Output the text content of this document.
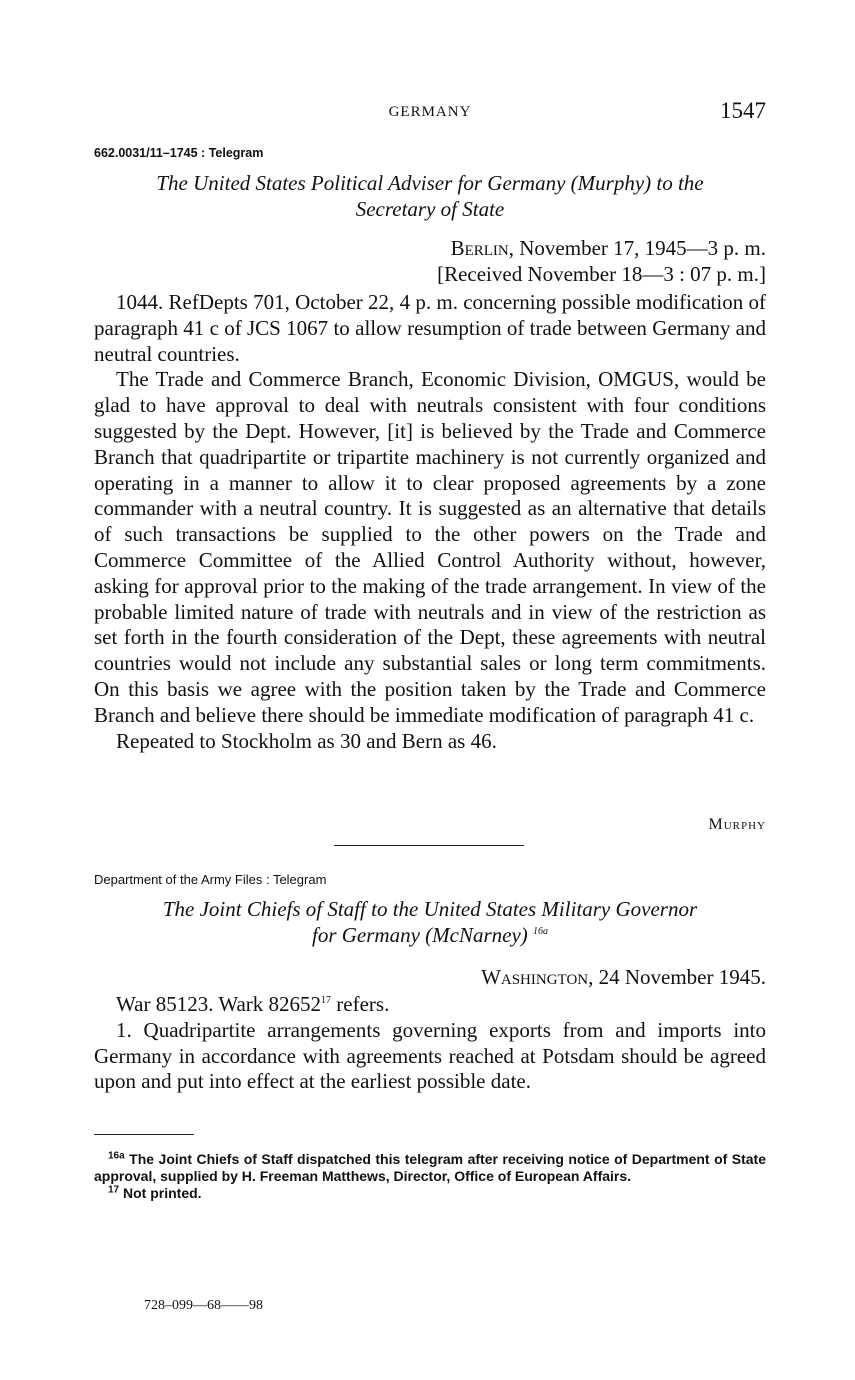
GERMANY	1547
662.0031/11–1745 : Telegram
The United States Political Adviser for Germany (Murphy) to the
Secretary of State
Berlin, November 17, 1945—3 p. m.
[Received November 18—3 : 07 p. m.]

1044. RefDepts 701, October 22, 4 p. m. concerning possible modification of paragraph 41 c of JCS 1067 to allow resumption of trade between Germany and neutral countries.

The Trade and Commerce Branch, Economic Division, OMGUS, would be glad to have approval to deal with neutrals consistent with four conditions suggested by the Dept. However, [it] is believed by the Trade and Commerce Branch that quadripartite or tripartite machinery is not currently organized and operating in a manner to allow it to clear proposed agreements by a zone commander with a neutral country. It is suggested as an alternative that details of such transactions be supplied to the other powers on the Trade and Commerce Committee of the Allied Control Authority without, however, asking for approval prior to the making of the trade arrangement. In view of the probable limited nature of trade with neutrals and in view of the restriction as set forth in the fourth consideration of the Dept, these agreements with neutral countries would not include any substantial sales or long term commitments. On this basis we agree with the position taken by the Trade and Commerce Branch and believe there should be immediate modification of paragraph 41 c.

Repeated to Stockholm as 30 and Bern as 46.

Murphy
Department of the Army Files : Telegram
The Joint Chiefs of Staff to the United States Military Governor
for Germany (McNarney) $^{16a}$
Washington, 24 November 1945.

War 85123. Wark 82652$^{17}$ refers.

1. Quadripartite arrangements governing exports from and imports into Germany in accordance with agreements reached at Potsdam should be agreed upon and put into effect at the earliest possible date.

$^{16a}$ The Joint Chiefs of Staff dispatched this telegram after receiving notice of Department of State approval, supplied by H. Freeman Matthews, Director, Office of European Affairs.

$^{17}$ Not printed.

728–099—68——98
